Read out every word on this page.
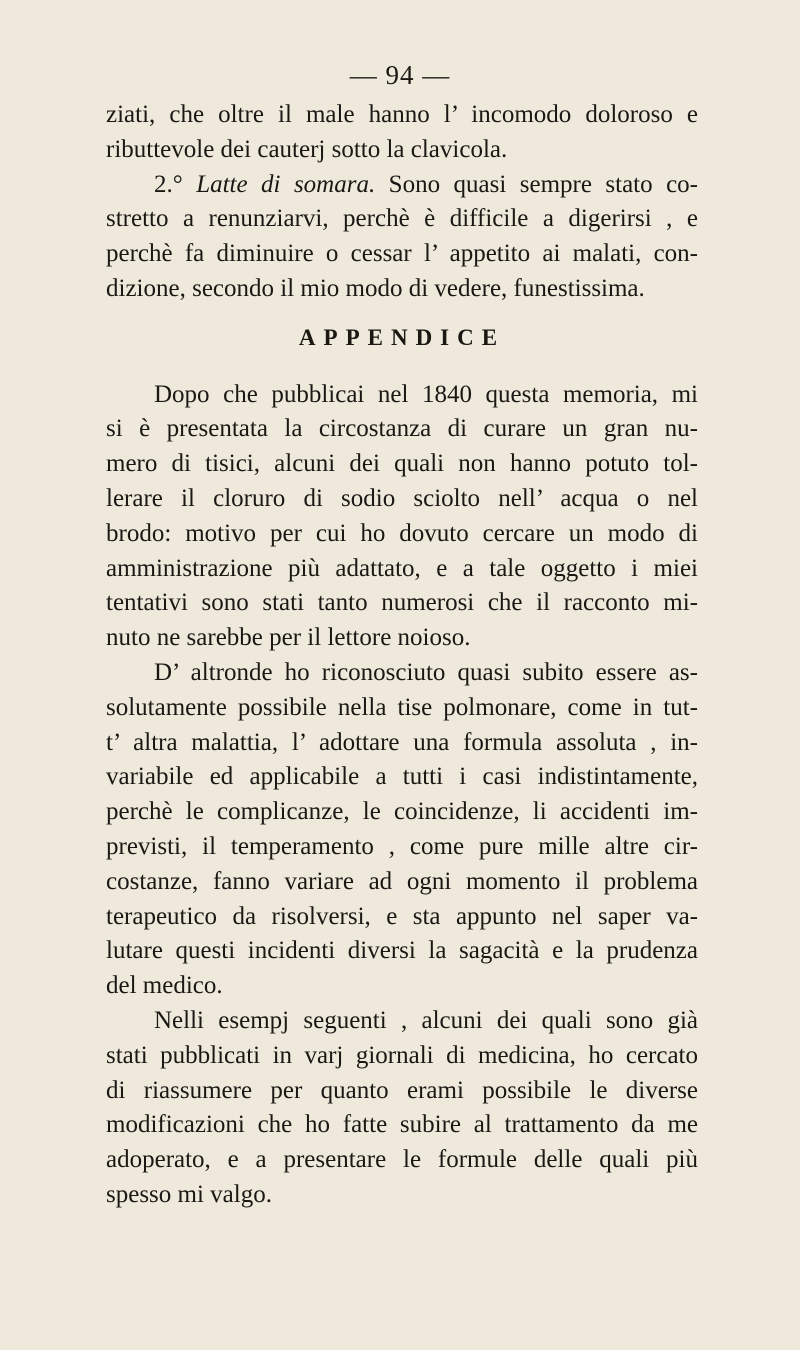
— 94 —
ziati, che oltre il male hanno l’ incomodo doloroso e
ributtevole dei cauterj sotto la clavicola.
2.° Latte di somara. Sono quasi sempre stato co-
stretto a renunziarvi, perchè è difficile a digerirsi , e
perchè fa diminuire o cessar l’ appetito ai malati, con-
dizione, secondo il mio modo di vedere, funestissima.
APPENDICE
Dopo che pubblicai nel 1840 questa memoria, mi
si è presentata la circostanza di curare un gran nu-
mero di tisici, alcuni dei quali non hanno potuto tol-
lerare il cloruro di sodio sciolto nell’ acqua o nel
brodo: motivo per cui ho dovuto cercare un modo di
amministrazione più adattato, e a tale oggetto i miei
tentativi sono stati tanto numerosi che il racconto mi-
nuto ne sarebbe per il lettore noioso.
D’ altronde ho riconosciuto quasi subito essere as-
solutamente possibile nella tise polmonare, come in tut-
t’ altra malattia, l’ adottare una formula assoluta , in-
variabile ed applicabile a tutti i casi indistintamente,
perchè le complicanze, le coincidenze, li accidenti im-
previsti, il temperamento , come pure mille altre cir-
costanze, fanno variare ad ogni momento il problema
terapeutico da risolversi, e sta appunto nel saper va-
lutare questi incidenti diversi la sagacità e la prudenza
del medico.
Nelli esempj seguenti , alcuni dei quali sono già
stati pubblicati in varj giornali di medicina, ho cercato
di riassumere per quanto erami possibile le diverse
modificazioni che ho fatte subire al trattamento da me
adoperato, e a presentare le formule delle quali più
spesso mi valgo.
